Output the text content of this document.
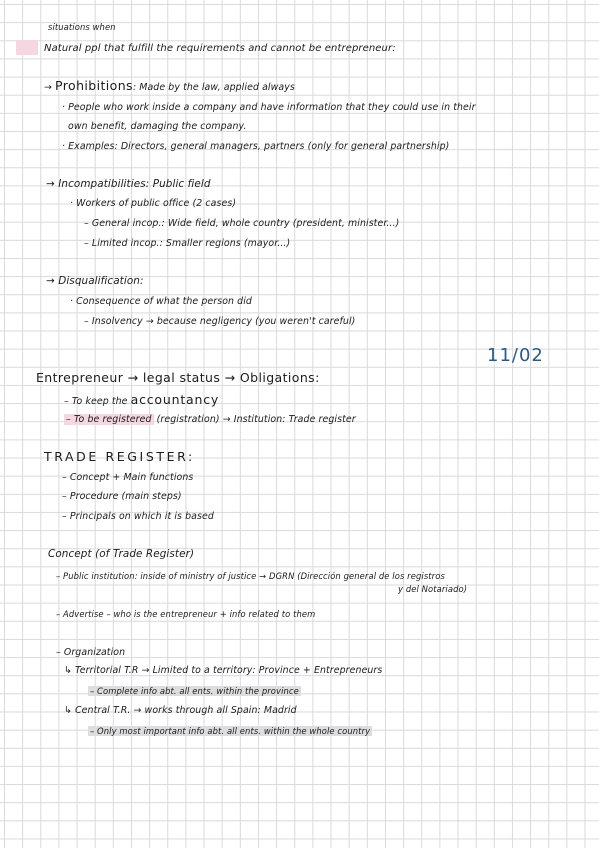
situations when
Natural ppl that fulfill the requirements and cannot be entrepreneur:
→ Prohibitions: Made by the law, applied always
· People who work inside a company and have information that they could use in their
own benefit, damaging the company.
· Examples: Directors, general managers, partners (only for general partnership)
→ Incompatibilities: Public field
· Workers of public office (2 cases)
– General incop.: Wide field, whole country (president, minister...)
– Limited incop.: Smaller regions (mayor...)
→ Disqualification:
· Consequence of what the person did
– Insolvency → because negligency (you weren't careful)
11/02
Entrepreneur → legal status → Obligations:
– To keep the accountancy
– To be registered (registration) → Institution: Trade register
TRADE REGISTER:
– Concept + Main functions
– Procedure (main steps)
– Principals on which it is based
Concept (of Trade Register)
– Public institution: inside of ministry of justice → DGRN (Dirección general de los registros
y del Notariado)
– Advertise – who is the entrepreneur + info related to them
– Organization
↳ Territorial T.R → Limited to a territory: Province + Entrepreneurs
– Complete info abt. all ents. within the province
↳ Central T.R. → works through all Spain: Madrid
– Only most important info abt. all ents. within the whole country
